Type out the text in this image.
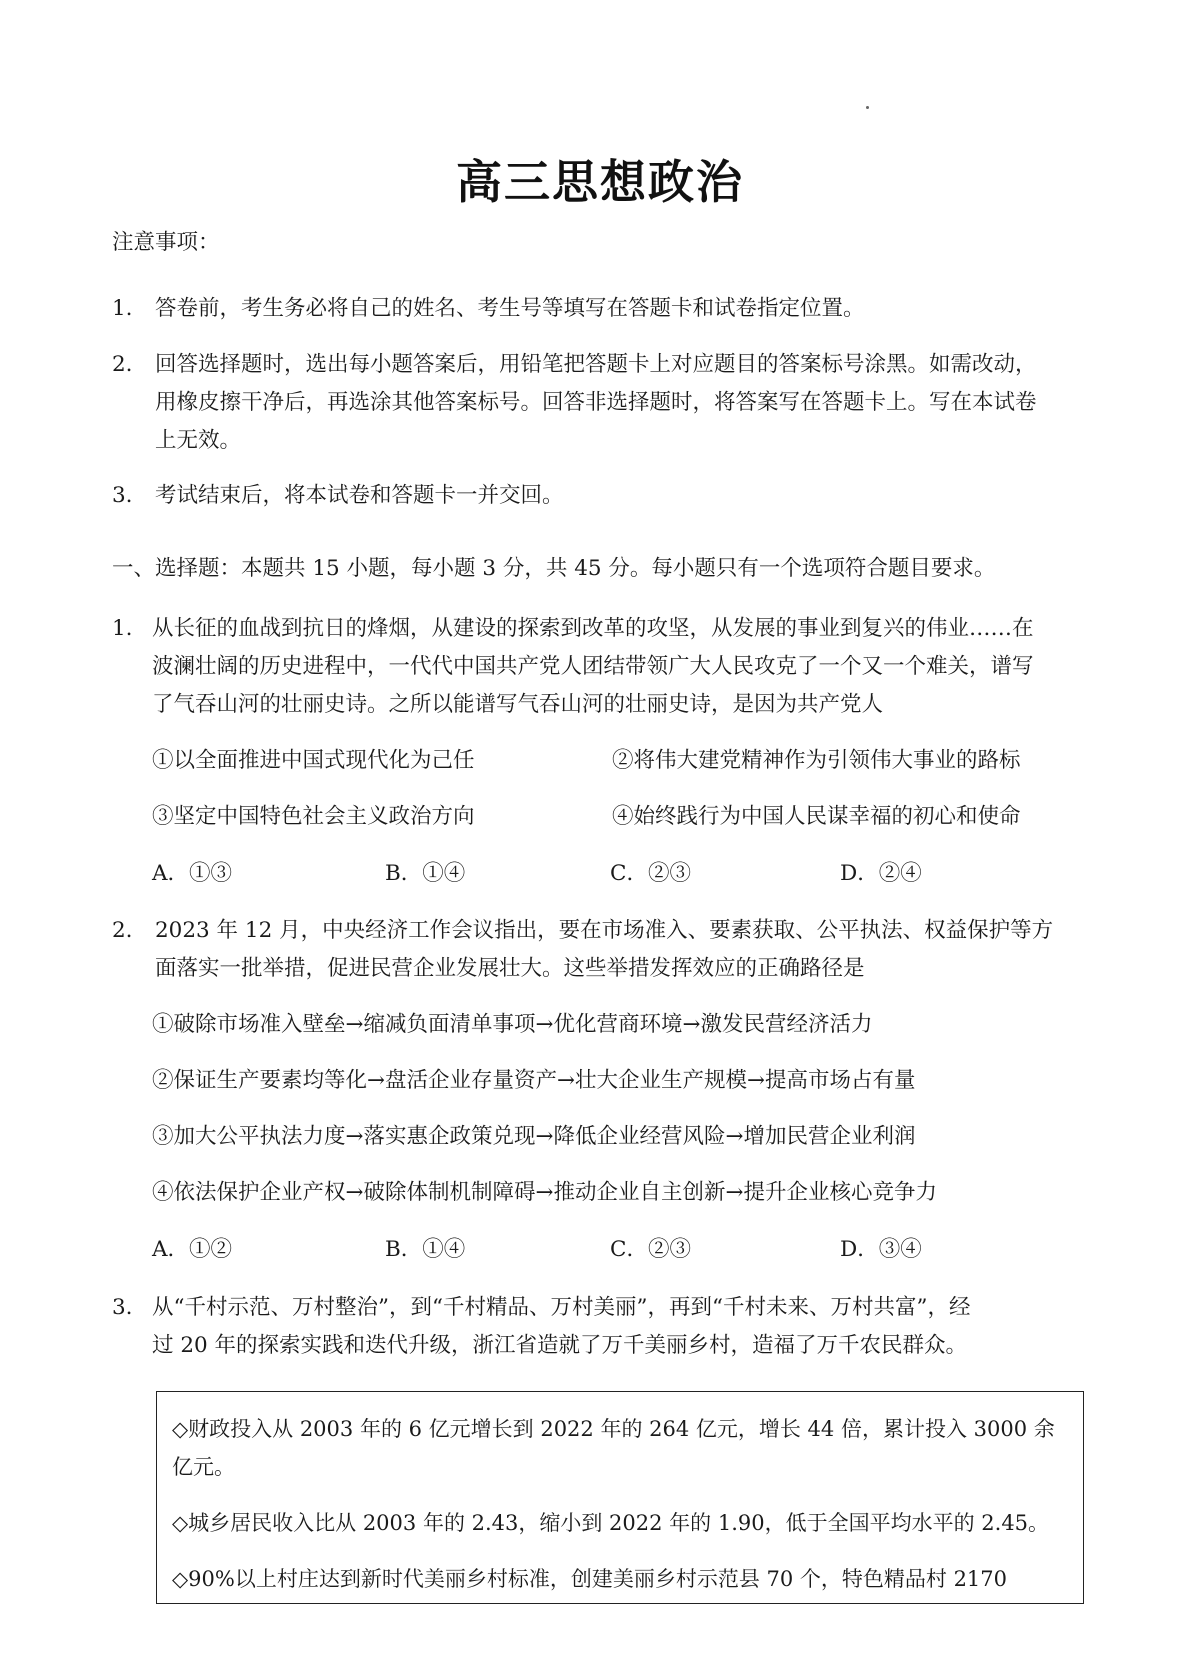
高三思想政治
注意事项：
1. 答卷前，考生务必将自己的姓名、考生号等填写在答题卡和试卷指定位置。
2. 回答选择题时，选出每小题答案后，用铅笔把答题卡上对应题目的答案标号涂黑。如需改动，
用橡皮擦干净后，再选涂其他答案标号。回答非选择题时，将答案写在答题卡上。写在本试卷
上无效。
3. 考试结束后，将本试卷和答题卡一并交回。
一、选择题：本题共 15 小题，每小题 3 分，共 45 分。每小题只有一个选项符合题目要求。
1. 从长征的血战到抗日的烽烟，从建设的探索到改革的攻坚，从发展的事业到复兴的伟业……在
波澜壮阔的历史进程中，一代代中国共产党人团结带领广大人民攻克了一个又一个难关，谱写
了气吞山河的壮丽史诗。之所以能谱写气吞山河的壮丽史诗，是因为共产党人
①以全面推进中国式现代化为己任	②将伟大建党精神作为引领伟大事业的路标
③坚定中国特色社会主义政治方向	④始终践行为中国人民谋幸福的初心和使命
A．①③	B．①④	C．②③	D．②④
2. 2023 年 12 月，中央经济工作会议指出，要在市场准入、要素获取、公平执法、权益保护等方
面落实一批举措，促进民营企业发展壮大。这些举措发挥效应的正确路径是
①破除市场准入壁垒→缩减负面清单事项→优化营商环境→激发民营经济活力
②保证生产要素均等化→盘活企业存量资产→壮大企业生产规模→提高市场占有量
③加大公平执法力度→落实惠企政策兑现→降低企业经营风险→增加民营企业利润
④依法保护企业产权→破除体制机制障碍→推动企业自主创新→提升企业核心竞争力
A．①②	B．①④	C．②③	D．③④
3. 从“千村示范、万村整治”，到“千村精品、万村美丽”，再到“千村未来、万村共富”，经
过 20 年的探索实践和迭代升级，浙江省造就了万千美丽乡村，造福了万千农民群众。
◇财政投入从 2003 年的 6 亿元增长到 2022 年的 264 亿元，增长 44 倍，累计投入 3000 余
亿元。
◇城乡居民收入比从 2003 年的 2.43，缩小到 2022 年的 1.90，低于全国平均水平的 2.45。
◇90%以上村庄达到新时代美丽乡村标准，创建美丽乡村示范县 70 个，特色精品村 2170
